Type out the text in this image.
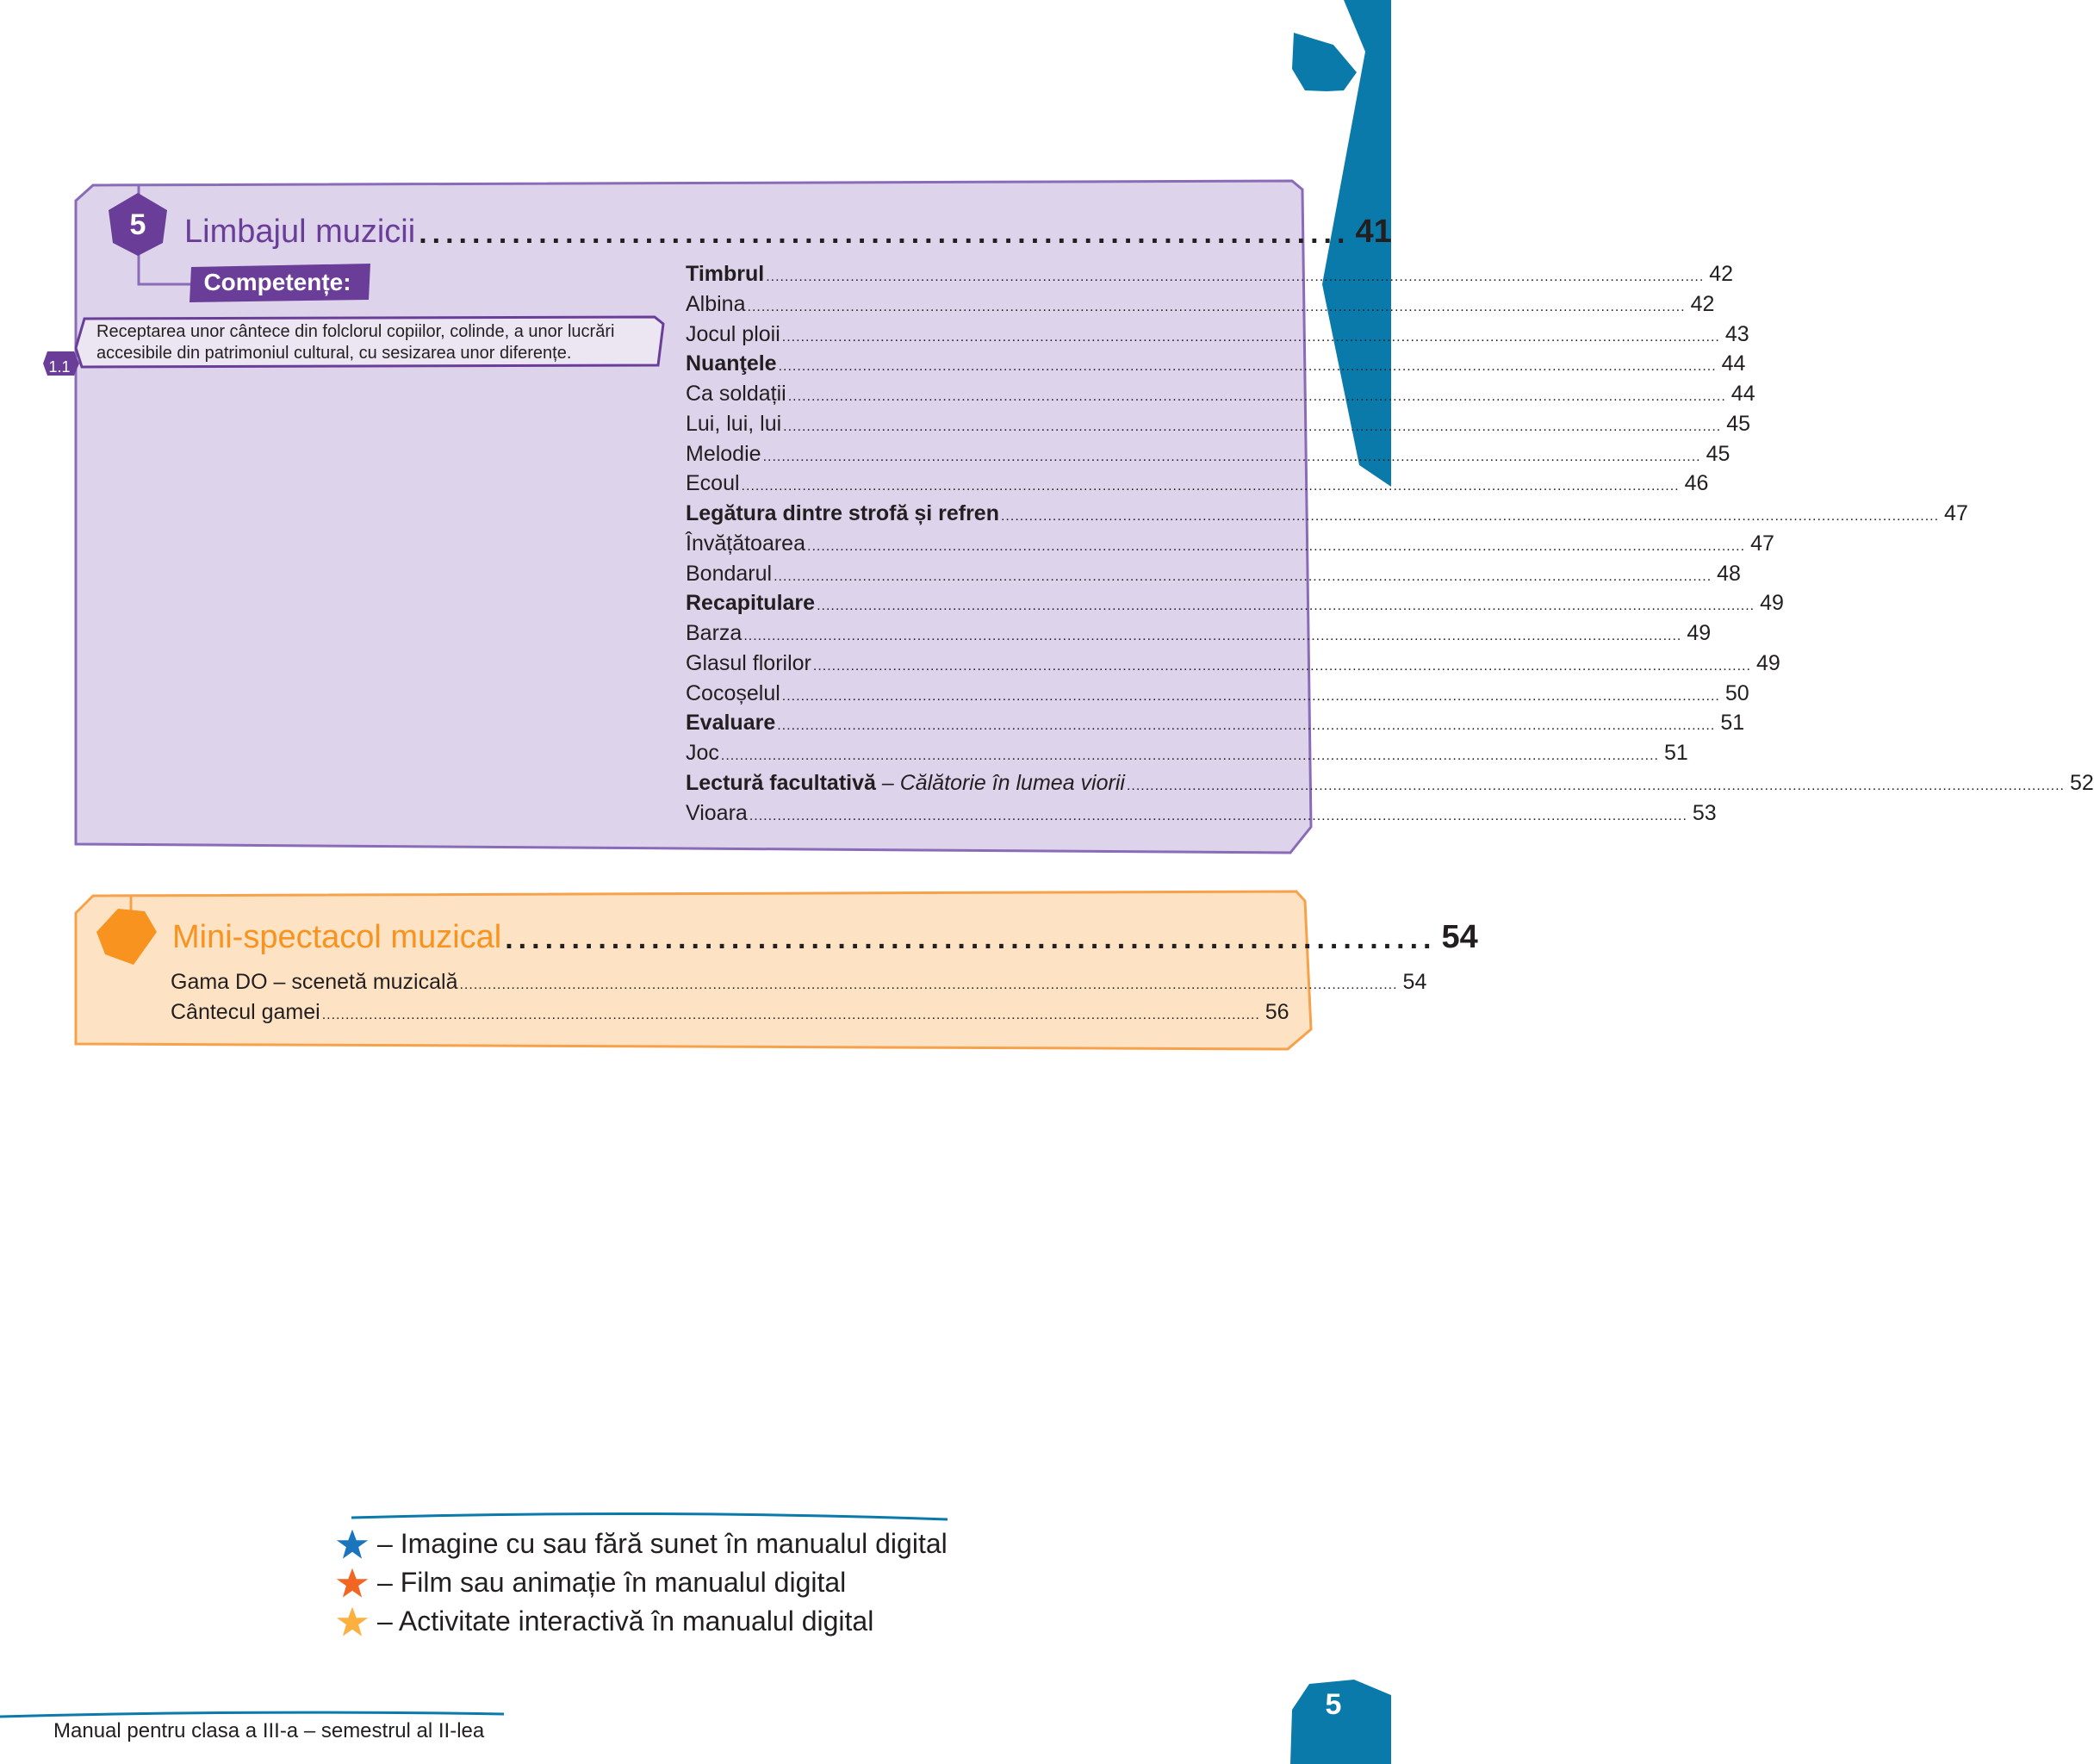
5	Limbajul muzicii ...................................................................... 41
Competențe:
1.1
Receptarea unor cântece din folclorul copiilor, colinde, a unor lucrări accesibile din patrimoniul cultural, cu sesizarea unor diferențe.
Timbrul ........................................................................................................................................................................................................ 42
Albina ........................................................................................................................................................................................................ 42
Jocul ploii ........................................................................................................................................................................................................ 43
Nuanţele ........................................................................................................................................................................................................ 44
Ca soldații ........................................................................................................................................................................................................ 44
Lui, lui, lui ........................................................................................................................................................................................................ 45
Melodie ........................................................................................................................................................................................................ 45
Ecoul ........................................................................................................................................................................................................ 46
Legătura dintre strofă și refren ........................................................................................................................................................................................................ 47
Învățătoarea ........................................................................................................................................................................................................ 47
Bondarul ........................................................................................................................................................................................................ 48
Recapitulare ........................................................................................................................................................................................................ 49
Barza ........................................................................................................................................................................................................ 49
Glasul florilor ........................................................................................................................................................................................................ 49
Cocoșelul ........................................................................................................................................................................................................ 50
Evaluare ........................................................................................................................................................................................................ 51
Joc ........................................................................................................................................................................................................ 51
Lectură facultativă – Călătorie în lumea viorii ........................................................................................................................................................................................................ 52
Vioara ........................................................................................................................................................................................................ 53
Mini-spectacol muzical ...................................................................... 54
Gama DO – scenetă muzicală ........................................................................................................................................................................................................ 54
Cântecul gamei ........................................................................................................................................................................................................ 56
– Imagine cu sau fără sunet în manualul digital
– Film sau animație în manualul digital
– Activitate interactivă în manualul digital
Manual pentru clasa a III-a – semestrul al II-lea
5
